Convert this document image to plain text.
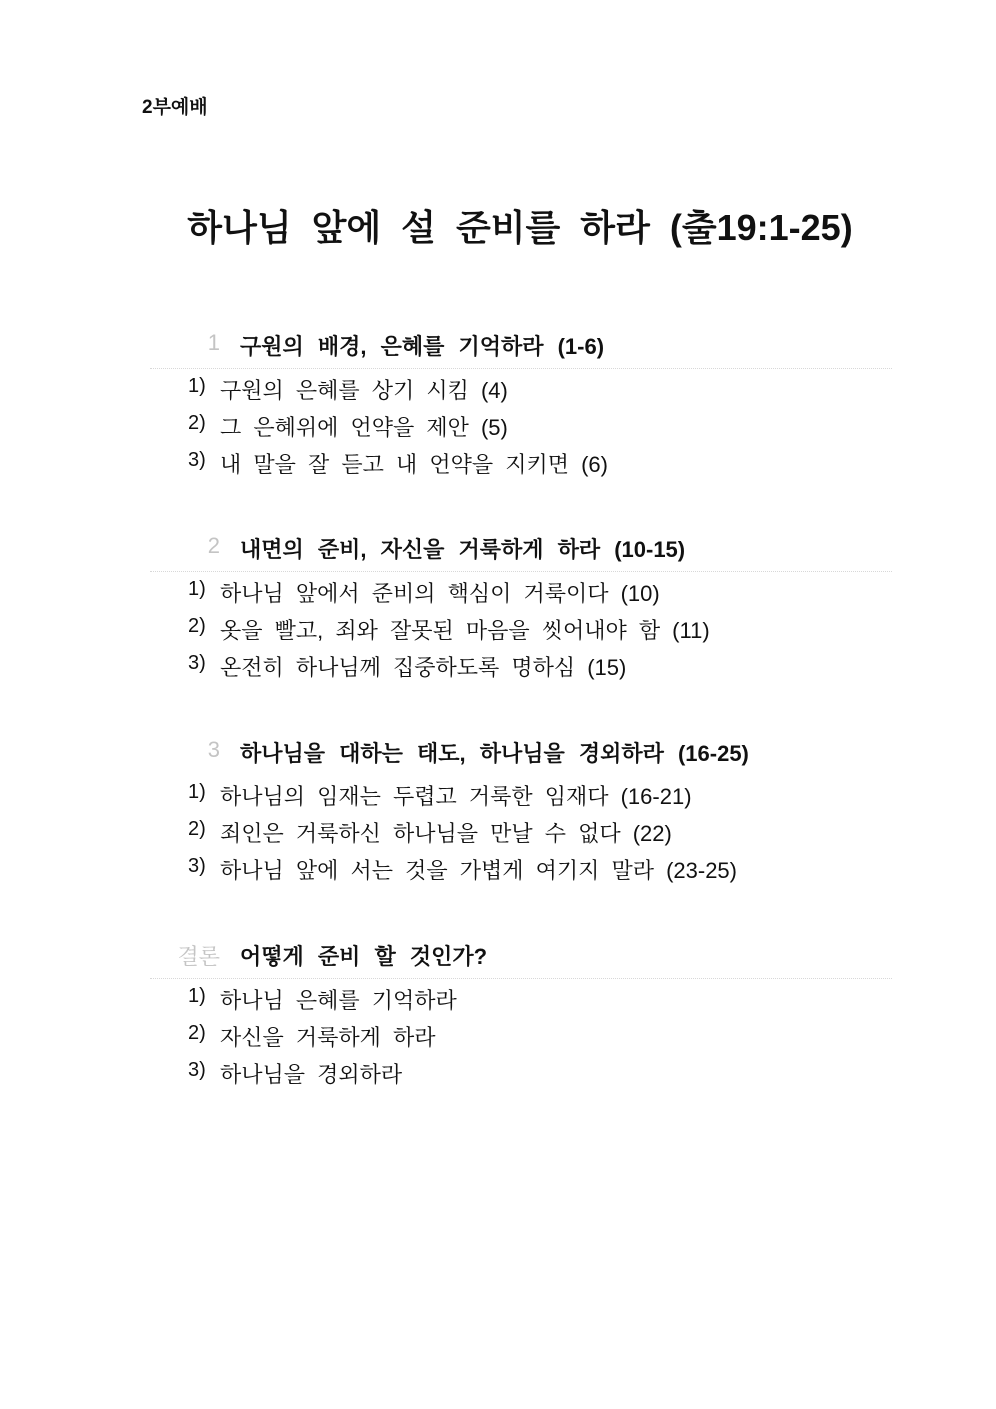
2부예배
하나님 앞에 설 준비를 하라 (출19:1-25)
1 구원의 배경, 은혜를 기억하라 (1-6)
1) 구원의 은혜를 상기 시킴 (4)
2) 그 은혜위에 언약을 제안 (5)
3) 내 말을 잘 듣고 내 언약을 지키면 (6)
2 내면의 준비, 자신을 거룩하게 하라 (10-15)
1) 하나님 앞에서 준비의 핵심이 거룩이다 (10)
2) 옷을 빨고, 죄와 잘못된 마음을 씻어내야 함 (11)
3) 온전히 하나님께 집중하도록 명하심 (15)
3 하나님을 대하는 태도, 하나님을 경외하라 (16-25)
1) 하나님의 임재는 두렵고 거룩한 임재다 (16-21)
2) 죄인은 거룩하신 하나님을 만날 수 없다 (22)
3) 하나님 앞에 서는 것을 가볍게 여기지 말라 (23-25)
결론 어떻게 준비 할 것인가?
1) 하나님 은혜를 기억하라
2) 자신을 거룩하게 하라
3) 하나님을 경외하라
